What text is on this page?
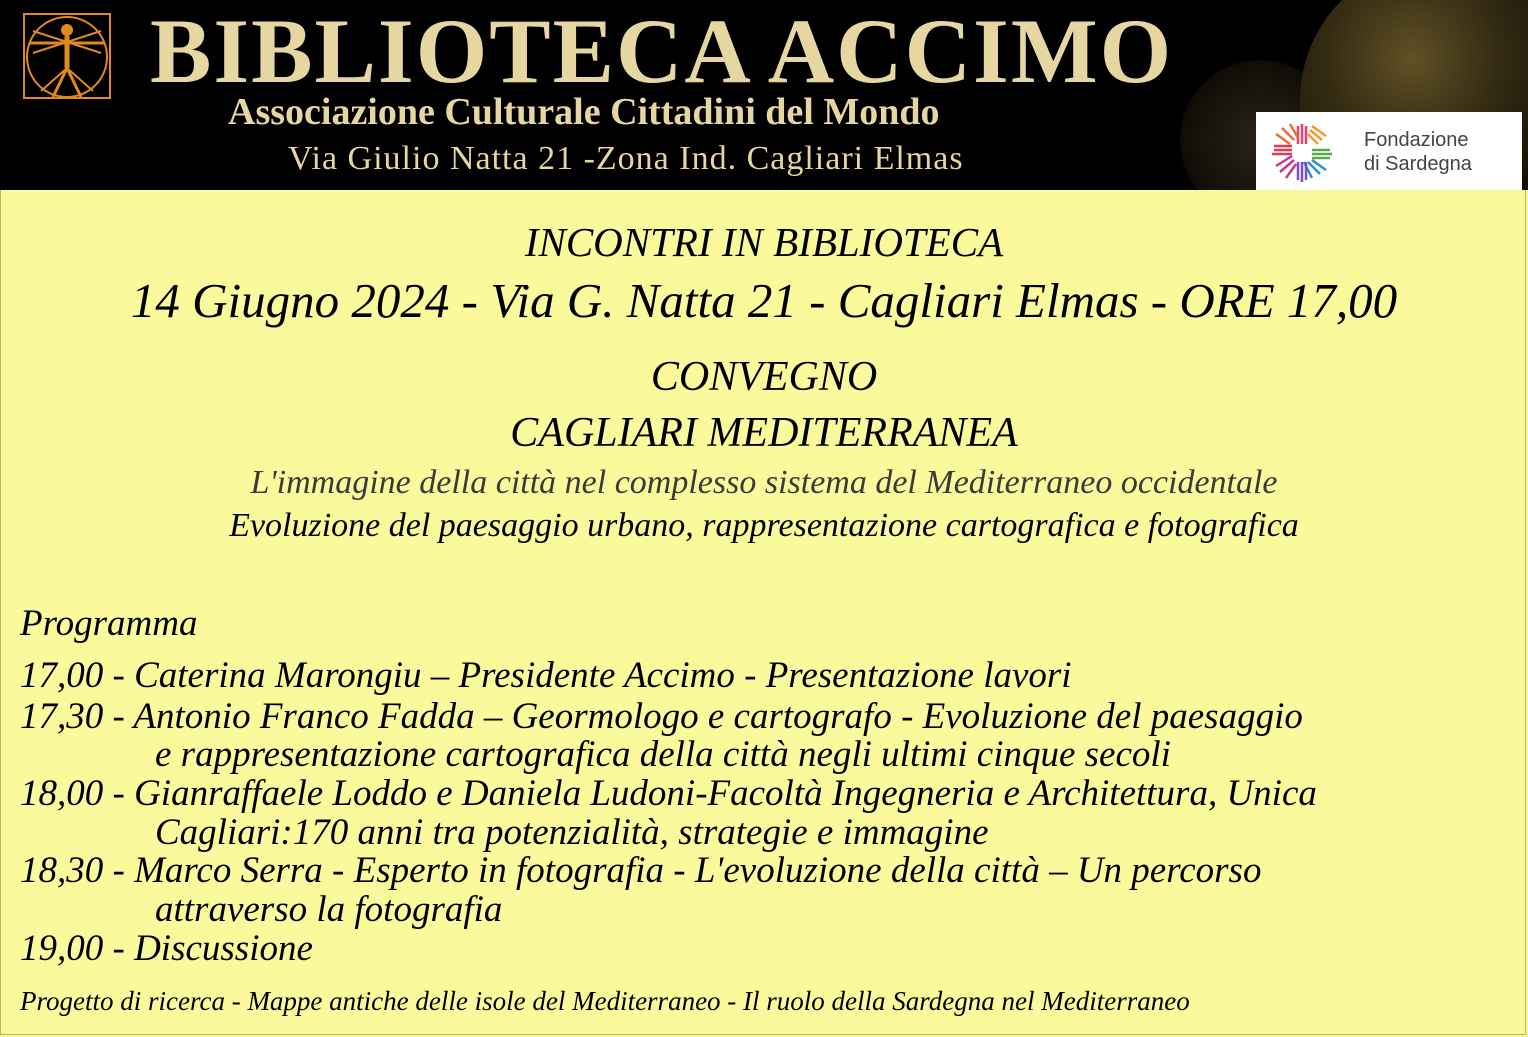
BIBLIOTECA ACCIMO
Associazione Culturale Cittadini del Mondo
Via Giulio Natta 21 -Zona Ind. Cagliari Elmas	Fondazione
di Sardegna
INCONTRI IN BIBLIOTECA
14 Giugno 2024 - Via G. Natta 21 - Cagliari Elmas - ORE 17,00
CONVEGNO
CAGLIARI MEDITERRANEA
L'immagine della città nel complesso sistema del Mediterraneo occidentale
Evoluzione del paesaggio urbano, rappresentazione cartografica e fotografica
Programma
17,00 - Caterina Marongiu – Presidente Accimo - Presentazione lavori
17,30 - Antonio Franco Fadda – Geormologo e cartografo - Evoluzione del paesaggio
e rappresentazione cartografica della città negli ultimi cinque secoli
18,00 - Gianraffaele Loddo e Daniela Ludoni-Facoltà Ingegneria e Architettura, Unica
Cagliari:170 anni tra potenzialità, strategie e immagine
18,30 - Marco Serra - Esperto in fotografia - L'evoluzione della città – Un percorso
attraverso la fotografia
19,00 - Discussione
Progetto di ricerca - Mappe antiche delle isole del Mediterraneo - Il ruolo della Sardegna nel Mediterraneo
